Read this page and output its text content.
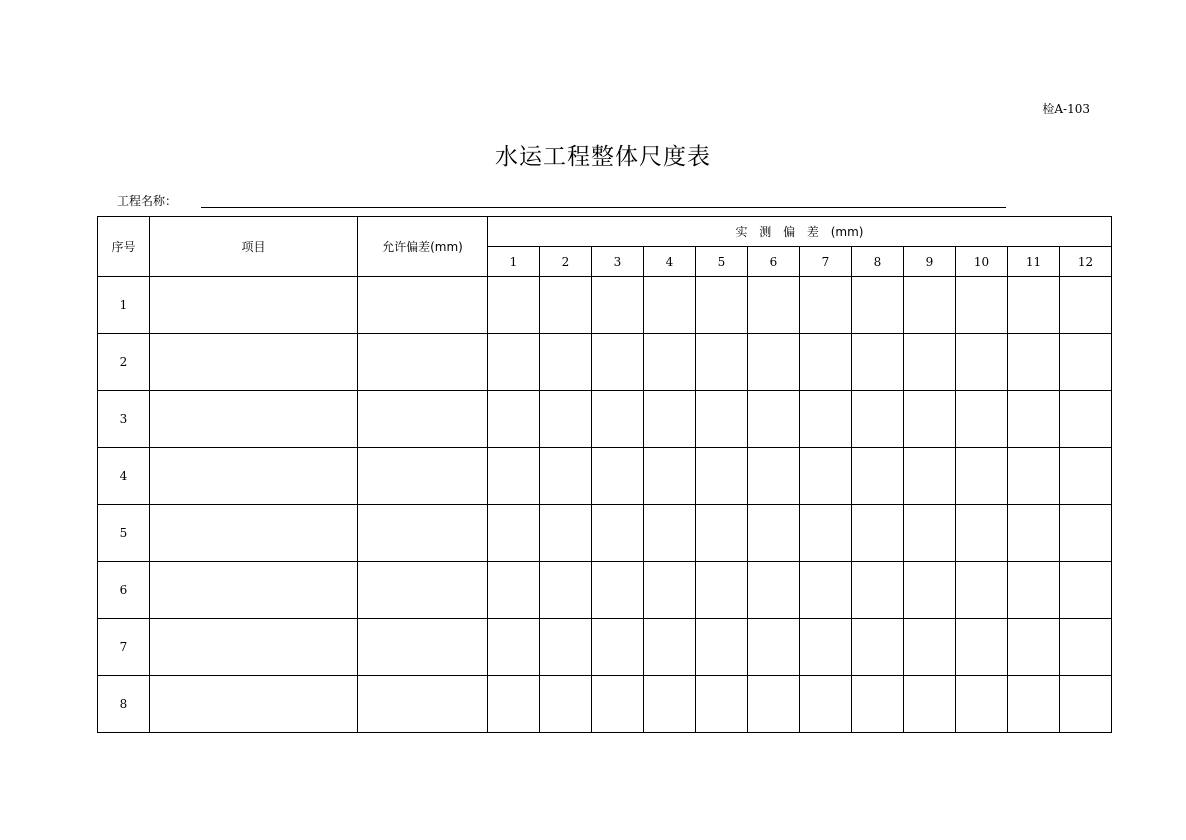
检A-103
水运工程整体尺度表
工程名称：
序号	项目	允许偏差(mm)	实 测 偏 差 (mm)											
			1	2	3	4	5	6	7	8	9	10	11	12
1														
2														
3														
4														
5														
6														
7														
8														
